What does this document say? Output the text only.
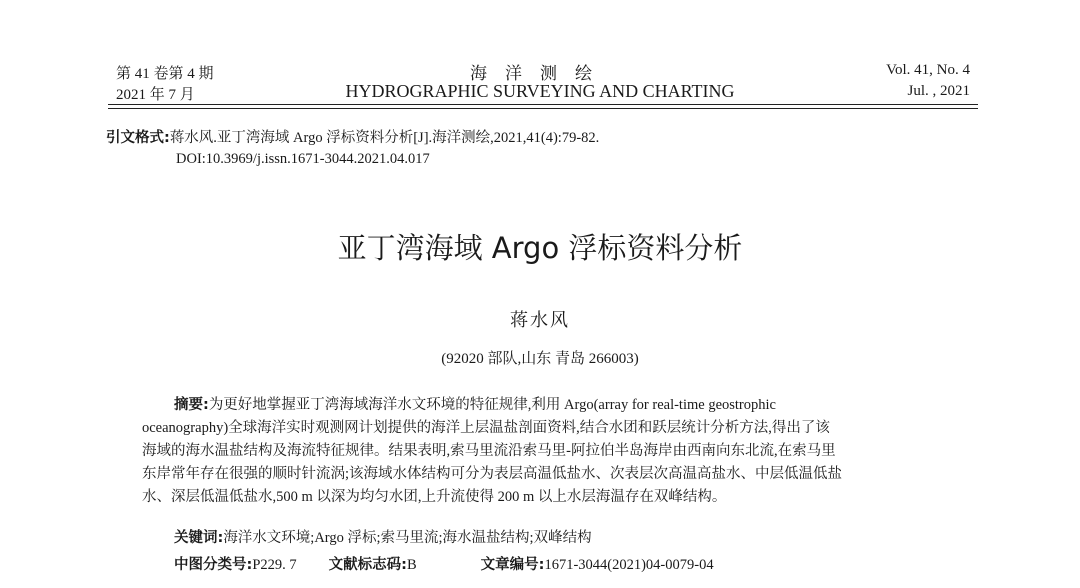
第 41 卷第 4 期
2021 年 7 月
海洋测绘
HYDROGRAPHIC SURVEYING AND CHARTING
Vol. 41, No. 4
Jul. , 2021
引文格式:蒋水风.亚丁湾海域 Argo 浮标资料分析[J].海洋测绘,2021,41(4):79-82.
DOI:10.3969/j.issn.1671-3044.2021.04.017
亚丁湾海域 Argo 浮标资料分析
蒋水风
(92020 部队,山东 青岛 266003)
摘要:为更好地掌握亚丁湾海域海洋水文环境的特征规律,利用 Argo(array for real-time geostrophic
oceanography)全球海洋实时观测网计划提供的海洋上层温盐剖面资料,结合水团和跃层统计分析方法,得出了该
海域的海水温盐结构及海流特征规律。结果表明,索马里流沿索马里-阿拉伯半岛海岸由西南向东北流,在索马里
东岸常年存在很强的顺时针流涡;该海域水体结构可分为表层高温低盐水、次表层次高温高盐水、中层低温低盐
水、深层低温低盐水,500 m 以深为均匀水团,上升流使得 200 m 以上水层海温存在双峰结构。
关键词:海洋水文环境;Argo 浮标;索马里流;海水温盐结构;双峰结构
中图分类号:P229. 7 文献标志码:B	文章编号:1671-3044(2021)04-0079-04
